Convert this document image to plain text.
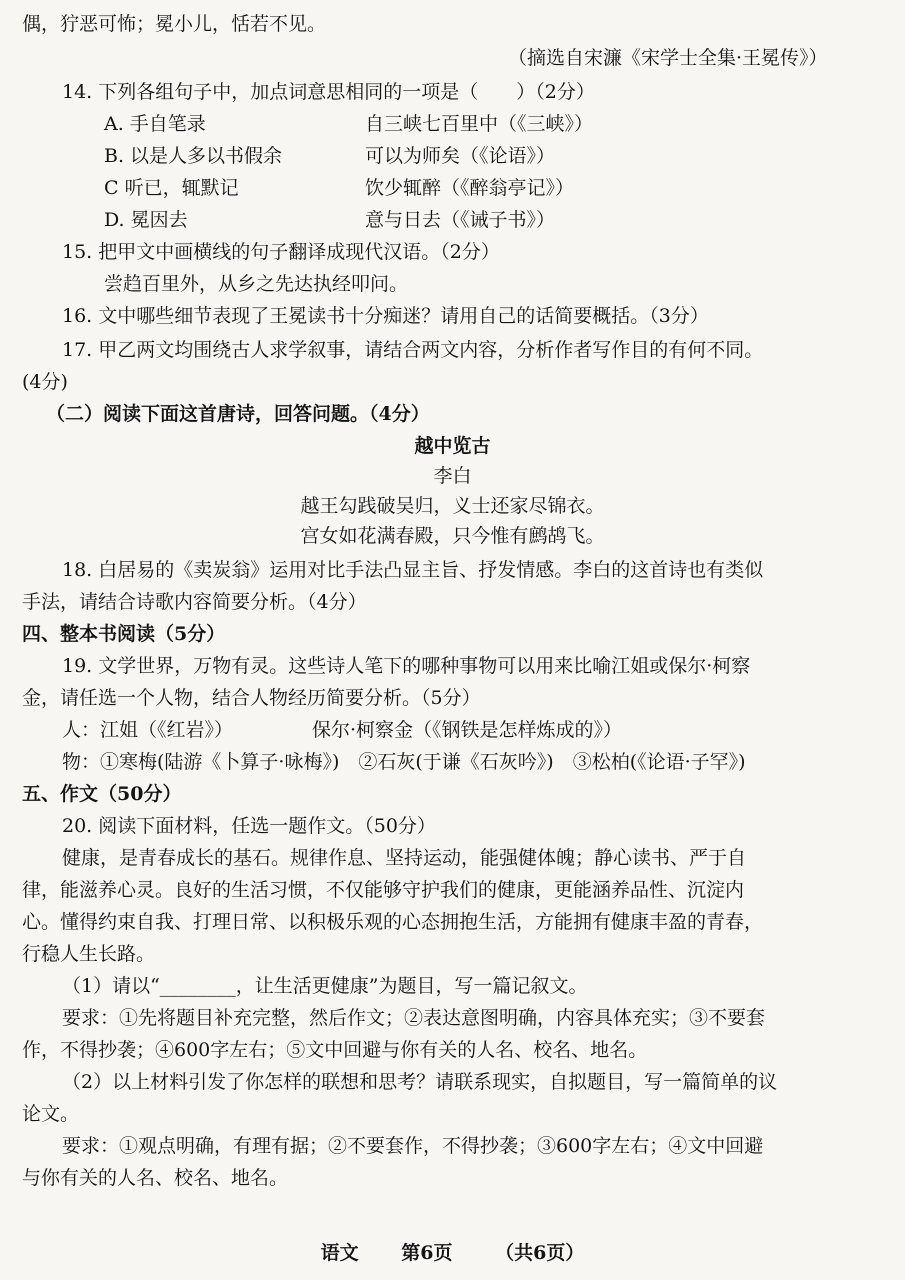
偶，狞恶可怖；冕小儿，恬若不见。
（摘选自宋濂《宋学士全集·王冕传》）
14. 下列各组句子中，加点词意思相同的一项是（　　）（2分）
A. 手自笔录	自三峡七百里中（《三峡》）
B. 以是人多以书假余	可以为师矣（《论语》）
C 听已，辄默记	饮少辄醉（《醉翁亭记》）
D. 冕因去	意与日去（《诫子书》）
15. 把甲文中画横线的句子翻译成现代汉语。（2分）
尝趋百里外，从乡之先达执经叩问。
16. 文中哪些细节表现了王冕读书十分痴迷？请用自己的话简要概括。（3分）
17. 甲乙两文均围绕古人求学叙事，请结合两文内容，分析作者写作目的有何不同。
(4分)
（二）阅读下面这首唐诗，回答问题。（4分）
越中览古
李白
越王勾践破吴归，义士还家尽锦衣。
宫女如花满春殿，只今惟有鹧鸪飞。
18. 白居易的《卖炭翁》运用对比手法凸显主旨、抒发情感。李白的这首诗也有类似
手法，请结合诗歌内容简要分析。（4分）
四、整本书阅读（5分）
19. 文学世界，万物有灵。这些诗人笔下的哪种事物可以用来比喻江姐或保尔·柯察
金，请任选一个人物，结合人物经历简要分析。（5分）
人：江姐（《红岩》）	保尔·柯察金（《钢铁是怎样炼成的》）
物：①寒梅(陆游《卜算子·咏梅》)　②石灰(于谦《石灰吟》)　③松柏(《论语·子罕》)
五、作文（50分）
20. 阅读下面材料，任选一题作文。（50分）
健康，是青春成长的基石。规律作息、坚持运动，能强健体魄；静心读书、严于自
律，能滋养心灵。良好的生活习惯，不仅能够守护我们的健康，更能涵养品性、沉淀内
心。懂得约束自我、打理日常、以积极乐观的心态拥抱生活，方能拥有健康丰盈的青春，
行稳人生长路。
（1）请以“________，让生活更健康”为题目，写一篇记叙文。
要求：①先将题目补充完整，然后作文；②表达意图明确，内容具体充实；③不要套
作，不得抄袭；④600字左右；⑤文中回避与你有关的人名、校名、地名。
（2）以上材料引发了你怎样的联想和思考？请联系现实，自拟题目，写一篇简单的议
论文。
要求：①观点明确，有理有据；②不要套作，不得抄袭；③600字左右；④文中回避
与你有关的人名、校名、地名。
语文 第6页 （共6页）
